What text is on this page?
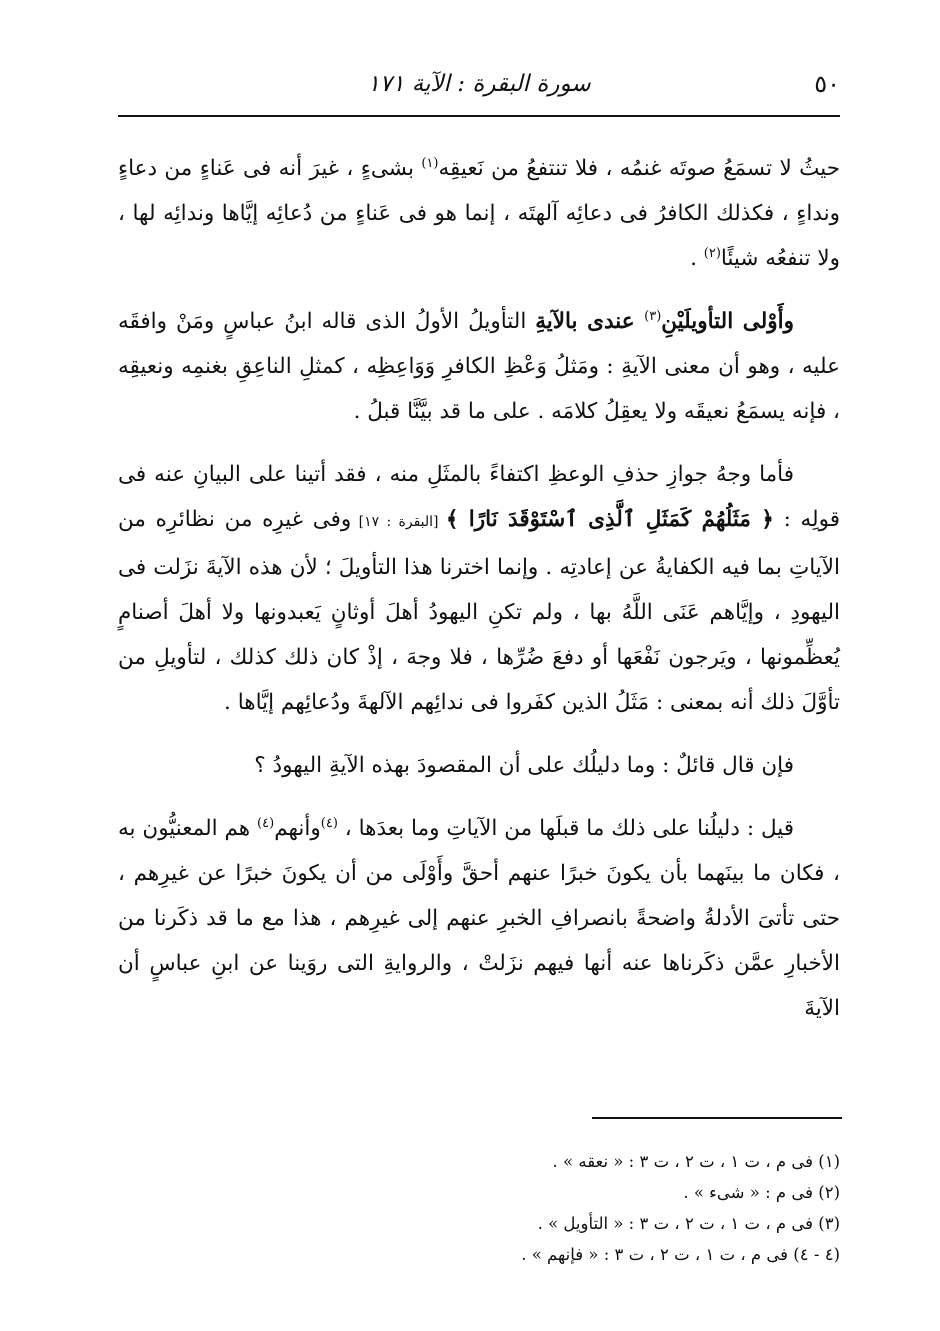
٥٠
سورة البقرة : الآية ١٧١

حيثُ لا تسمَعُ صوتَه غنمُه ، فلا تنتفعُ من نَعيقِه$^{(١)}$ بشىءٍ ، غيرَ أنه فى عَناءٍ من دعاءٍ ونداءٍ ، فكذلك الكافرُ فى دعائِه آلهتَه ، إنما هو فى عَناءٍ من دُعائِه إيَّاها وندائِه لها ، ولا تنفعُه شيئًا$^{(٢)}$ .

وأَوْلى التأويلَيْنِ$^{(٣)}$ عندى بالآيةِ التأويلُ الأولُ الذى قاله ابنُ عباسٍ ومَنْ وافقَه عليه ، وهو أن معنى الآيةِ : ومَثلُ وَعْظِ الكافرِ وَوَاعِظِه ، كمثلِ الناعِقِ بغنمِه ونعيقِه ، فإنه يسمَعُ نعيقَه ولا يعقِلُ كلامَه . على ما قد بيَّنَّا قبلُ .

فأما وجهُ جوازِ حذفِ الوعظِ اكتفاءً بالمثَلِ منه ، فقد أتينا على البيانِ عنه فى قولِه : ﴿ مَثَلُهُمْ كَمَثَلِ ٱلَّذِى ٱسْتَوْقَدَ نَارًا ﴾ [البقرة : ١٧] وفى غيرِه من نظائرِه من الآياتِ بما فيه الكفايةُ عن إعادتِه . وإنما اخترنا هذا التأويلَ ؛ لأن هذه الآيةَ نزَلت فى اليهودِ ، وإيَّاهم عَنَى اللَّهُ بها ، ولم تكنِ اليهودُ أهلَ أوثانٍ يَعبدونها ولا أهلَ أصنامٍ يُعظِّمونها ، ويَرجون نَفْعَها أو دفعَ ضُرِّها ، فلا وجهَ ، إذْ كان ذلك كذلك ، لتأويلِ من تأوَّلَ ذلك أنه بمعنى : مَثَلُ الذين كفَروا فى ندائِهم الآلهةَ ودُعائِهم إيَّاها .

فإن قال قائلٌ : وما دليلُك على أن المقصودَ بهذه الآيةِ اليهودُ ؟

قيل : دليلُنا على ذلك ما قبلَها من الآياتِ وما بعدَها ، $^{(٤)}$وأنهم$^{(٤)}$ هم المعنيُّون به ، فكان ما بينَهما بأن يكونَ خبرًا عنهم أحقَّ وأَوْلَى من أن يكونَ خبرًا عن غيرِهم ، حتى تأتىَ الأدلةُ واضحةً بانصرافِ الخبرِ عنهم إلى غيرِهم ، هذا مع ما قد ذكَرنا من الأخبارِ عمَّن ذكَرناها عنه أنها فيهم نزَلتْ ، والروايةِ التى روَينا عن ابنِ عباسٍ أن الآيةَ

(١) فى م ، ت ١ ، ت ٢ ، ت ٣ : « نعقه » .
(٢) فى م : « شىء » .
(٣) فى م ، ت ١ ، ت ٢ ، ت ٣ : « التأويل » .
(٤ - ٤) فى م ، ت ١ ، ت ٢ ، ت ٣ : « فإنهم » .
